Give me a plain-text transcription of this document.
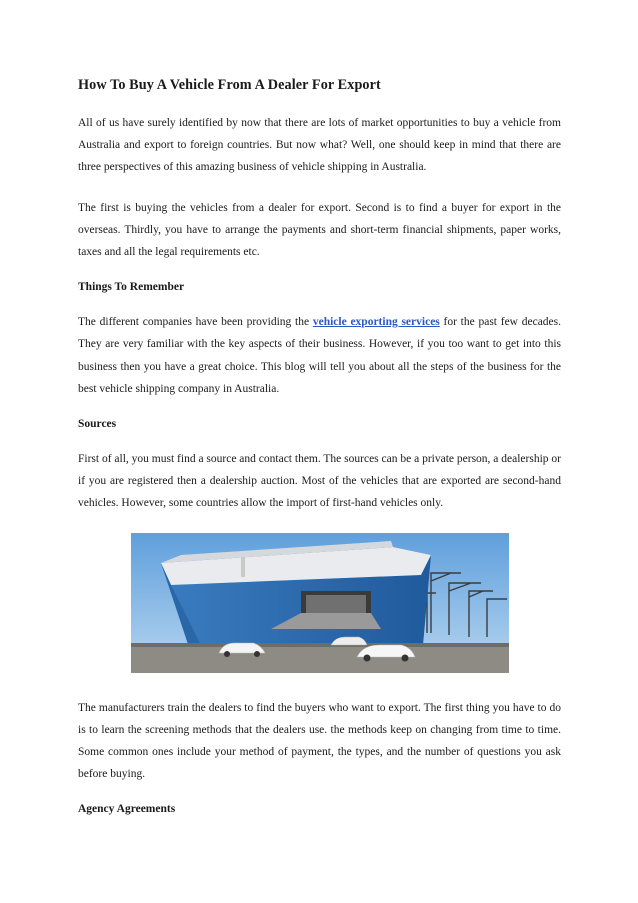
How To Buy A Vehicle From A Dealer For Export

All of us have surely identified by now that there are lots of market opportunities to buy a vehicle from Australia and export to foreign countries. But now what? Well, one should keep in mind that there are three perspectives of this amazing business of vehicle shipping in Australia.

The first is buying the vehicles from a dealer for export. Second is to find a buyer for export in the overseas. Thirdly, you have to arrange the payments and short-term financial shipments, paper works, taxes and all the legal requirements etc.

Things To Remember

The different companies have been providing the vehicle exporting services for the past few decades. They are very familiar with the key aspects of their business. However, if you too want to get into this business then you have a great choice. This blog will tell you about all the steps of the business for the best vehicle shipping company in Australia.

Sources

First of all, you must find a source and contact them. The sources can be a private person, a dealership or if you are registered then a dealership auction. Most of the vehicles that are exported are second-hand vehicles. However, some countries allow the import of first-hand vehicles only.

The manufacturers train the dealers to find the buyers who want to export. The first thing you have to do is to learn the screening methods that the dealers use. the methods keep on changing from time to time. Some common ones include your method of payment, the types, and the number of questions you ask before buying.

Agency Agreements
